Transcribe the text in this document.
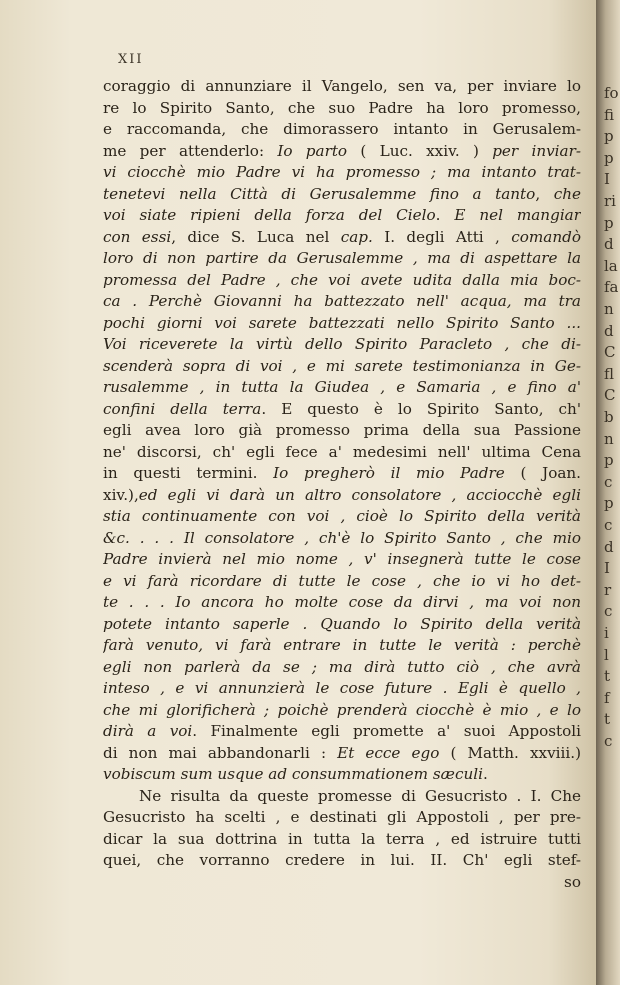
XII
coraggio di annunziare il Vangelo, sen va, per inviare lo
re lo Spirito Santo, che suo Padre ha loro promesso,
e raccomanda, che dimorassero intanto in Gerusalem-
me per attenderlo: Io parto ( Luc. xxiv. ) per inviar-
vi ciocchè mio Padre vi ha promesso ; ma intanto trat-
tenetevi nella Città di Gerusalemme fino a tanto, che
voi siate ripieni della forza del Cielo. E nel mangiar
con essi, dice S. Luca nel cap. I. degli Atti , comandò
loro di non partire da Gerusalemme , ma di aspettare la
promessa del Padre , che voi avete udita dalla mia boc-
ca . Perchè Giovanni ha battezzato nell' acqua, ma tra
pochi giorni voi sarete battezzati nello Spirito Santo ...
Voi riceverete la virtù dello Spirito Paracleto , che di-
scenderà sopra di voi , e mi sarete testimonianza in Ge-
rusalemme , in tutta la Giudea , e Samaria , e fino a'
confini della terra. E questo è lo Spirito Santo, ch'
egli avea loro già promesso prima della sua Passione
ne' discorsi, ch' egli fece a' medesimi nell' ultima Cena
in questi termini. Io pregherò il mio Padre ( Joan.
xiv.),ed egli vi darà un altro consolatore , acciocchè egli
stia continuamente con voi , cioè lo Spirito della verità
&c. . . . Il consolatore , ch'è lo Spirito Santo , che mio
Padre invierà nel mio nome , v' insegnerà tutte le cose
e vi farà ricordare di tutte le cose , che io vi ho det-
te . . . Io ancora ho molte cose da dirvi , ma voi non
potete intanto saperle . Quando lo Spirito della verità
farà venuto, vi farà entrare in tutte le verità : perchè
egli non parlerà da se ; ma dirà tutto ciò , che avrà
inteso , e vi annunzierà le cose future . Egli è quello ,
che mi glorificherà ; poichè prenderà ciocchè è mio , e lo
dirà a voi. Finalmente egli promette a' suoi Appostoli
di non mai abbandonarli : Et ecce ego ( Matth. xxviii.)
vobiscum sum usque ad consummationem sæculi.
Ne risulta da queste promesse di Gesucristo . I. Che
Gesucristo ha scelti , e destinati gli Appostoli , per pre-
dicar la sua dottrina in tutta la terra , ed istruire tutti
quei, che vorranno credere in lui. II. Ch' egli stef-
so
fo
fi
p
p
I
ri
p
d
la
fa
n
d
C
fl
C
b
n
p
c
p
c
d
I
r
c
i
l
t
f
t
c
